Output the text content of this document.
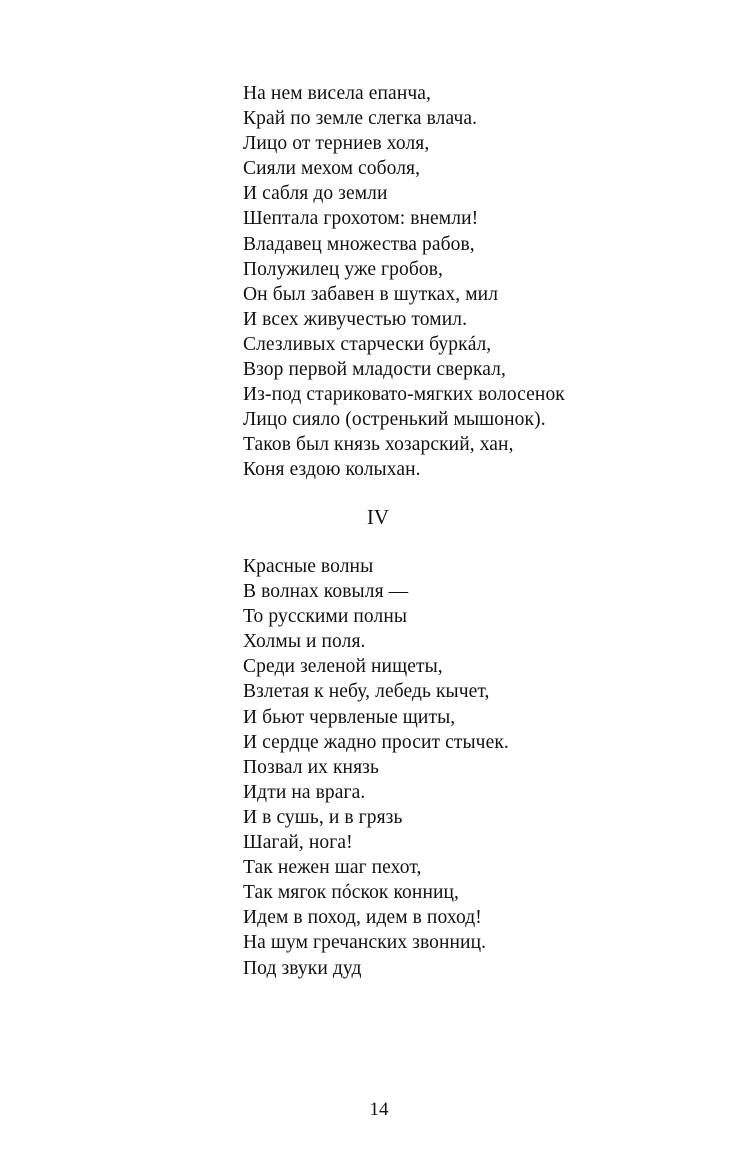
На нем висела епанча,
Край по земле слегка влача.
Лицо от терниев холя,
Сияли мехом соболя,
И сабля до земли
Шептала грохотом: внемли!
Владавец множества рабов,
Полужилец уже гробов,
Он был забавен в шутках, мил
И всех живучестью томил.
Слезливых старчески буркáл,
Взор первой младости сверкал,
Из-под стариковато-мягких волосенок
Лицо сияло (остренький мышонок).
Таков был князь хозарский, хан,
Коня ездою колыхан.
IV
Красные волны
В волнах ковыля —
То русскими полны
Холмы и поля.
Среди зеленой нищеты,
Взлетая к небу, лебедь кычет,
И бьют червленые щиты,
И сердце жадно просит стычек.
Позвал их князь
Идти на врага.
И в сушь, и в грязь
Шагай, нога!
Так нежен шаг пехот,
Так мягок пóскок конниц,
Идем в поход, идем в поход!
На шум гречанских звонниц.
Под звуки дуд
14
